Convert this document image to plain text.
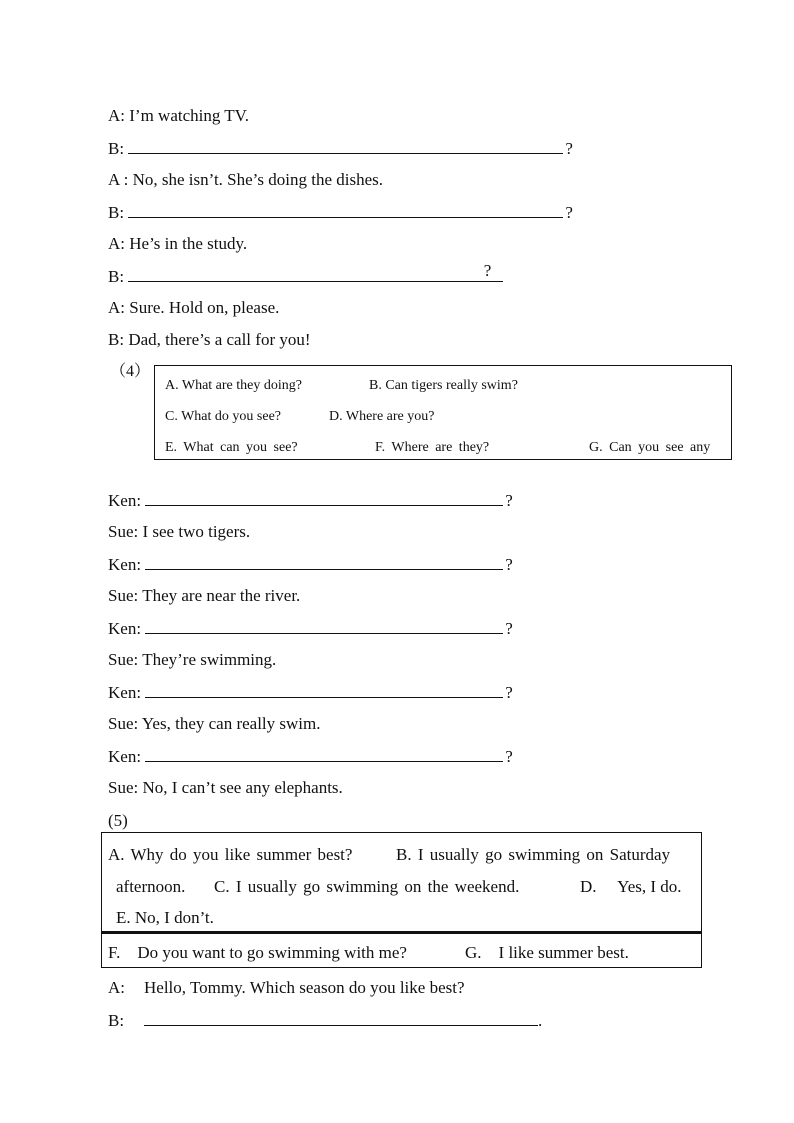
A: I’m watching TV.
B:	?
A : No, she isn’t. She’s doing the dishes.
B:	?
A: He’s in the study.
B:	?
A: Sure. Hold on, please.
B: Dad, there’s a call for you!
（4）
A. What are they doing?	B. Can tigers really swim?
C. What do you see?	D. Where are you?
E. What can you see?	F. Where are they?	G. Can you see any
Ken:	?
Sue: I see two tigers.
Ken:	?
Sue: They are near the river.
Ken:	?
Sue: They’re swimming.
Ken:	?
Sue: Yes, they can really swim.
Ken:	?
Sue: No, I can’t see any elephants.
(5)
A. Why do you like summer best?	B. I usually go swimming on Saturday
afternoon. C. I usually go swimming on the weekend.	D.     Yes, I do.
E. No, I don’t.
F.    Do you want to go swimming with me?	G.    I like summer best.
A: Hello, Tommy. Which season do you like best?
B:	.
